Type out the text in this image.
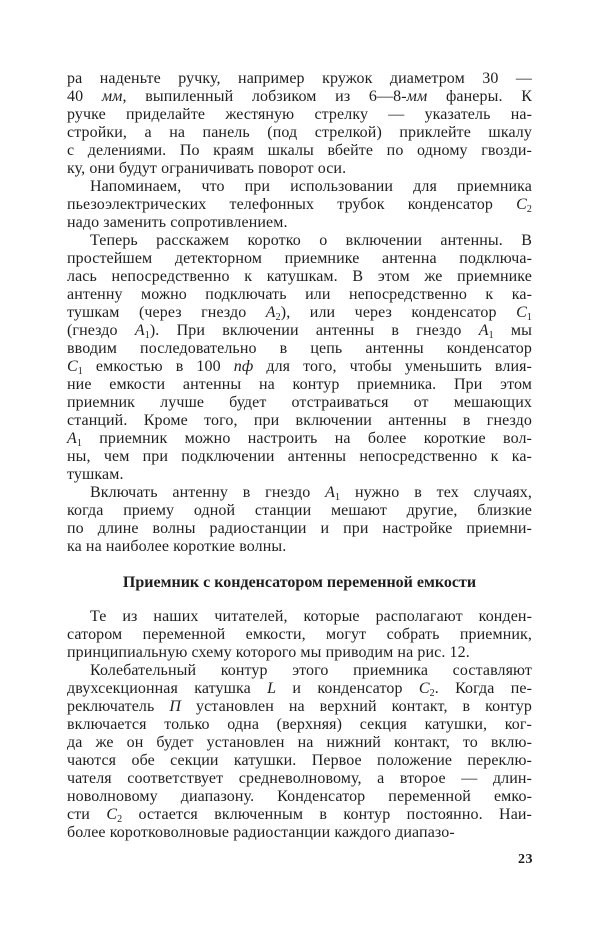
ра наденьте ручку, например кружок диаметром 30 —
40 мм, выпиленный лобзиком из 6—8-мм фанеры. К
ручке приделайте жестяную стрелку — указатель на-
стройки, а на панель (под стрелкой) приклейте шкалу
с делениями. По краям шкалы вбейте по одному гвозди-
ку, они будут ограничивать поворот оси.
Напоминаем, что при использовании для приемника
пьезоэлектрических телефонных трубок конденсатор $С_2$
надо заменить сопротивлением.
Теперь расскажем коротко о включении антенны. В
простейшем детекторном приемнике антенна подключа-
лась непосредственно к катушкам. В этом же приемнике
антенну можно подключать или непосредственно к ка-
тушкам (через гнездо $А_2$), или через конденсатор $С_1$
(гнездо $А_1$). При включении антенны в гнездо $А_1$ мы
вводим последовательно в цепь антенны конденсатор
$С_1$ емкостью в 100 пф для того, чтобы уменьшить влия-
ние емкости антенны на контур приемника. При этом
приемник лучше будет отстраиваться от мешающих
станций. Кроме того, при включении антенны в гнездо
$А_1$ приемник можно настроить на более короткие вол-
ны, чем при подключении антенны непосредственно к ка-
тушкам.
Включать антенну в гнездо $А_1$ нужно в тех случаях,
когда приему одной станции мешают другие, близкие
по длине волны радиостанции и при настройке приемни-
ка на наиболее короткие волны.
Приемник с конденсатором переменной емкости
Те из наших читателей, которые располагают конден-
сатором переменной емкости, могут собрать приемник,
принципиальную схему которого мы приводим на рис. 12.
Колебательный контур этого приемника составляют
двухсекционная катушка L и конденсатор $С_2$. Когда пе-
реключатель П установлен на верхний контакт, в контур
включается только одна (верхняя) секция катушки, ког-
да же он будет установлен на нижний контакт, то вклю-
чаются обе секции катушки. Первое положение переклю-
чателя соответствует средневолновому, а второе — длин-
новолновому диапазону. Конденсатор переменной емко-
сти $С_2$ остается включенным в контур постоянно. Наи-
более коротковолновые радиостанции каждого диапазо-
23
